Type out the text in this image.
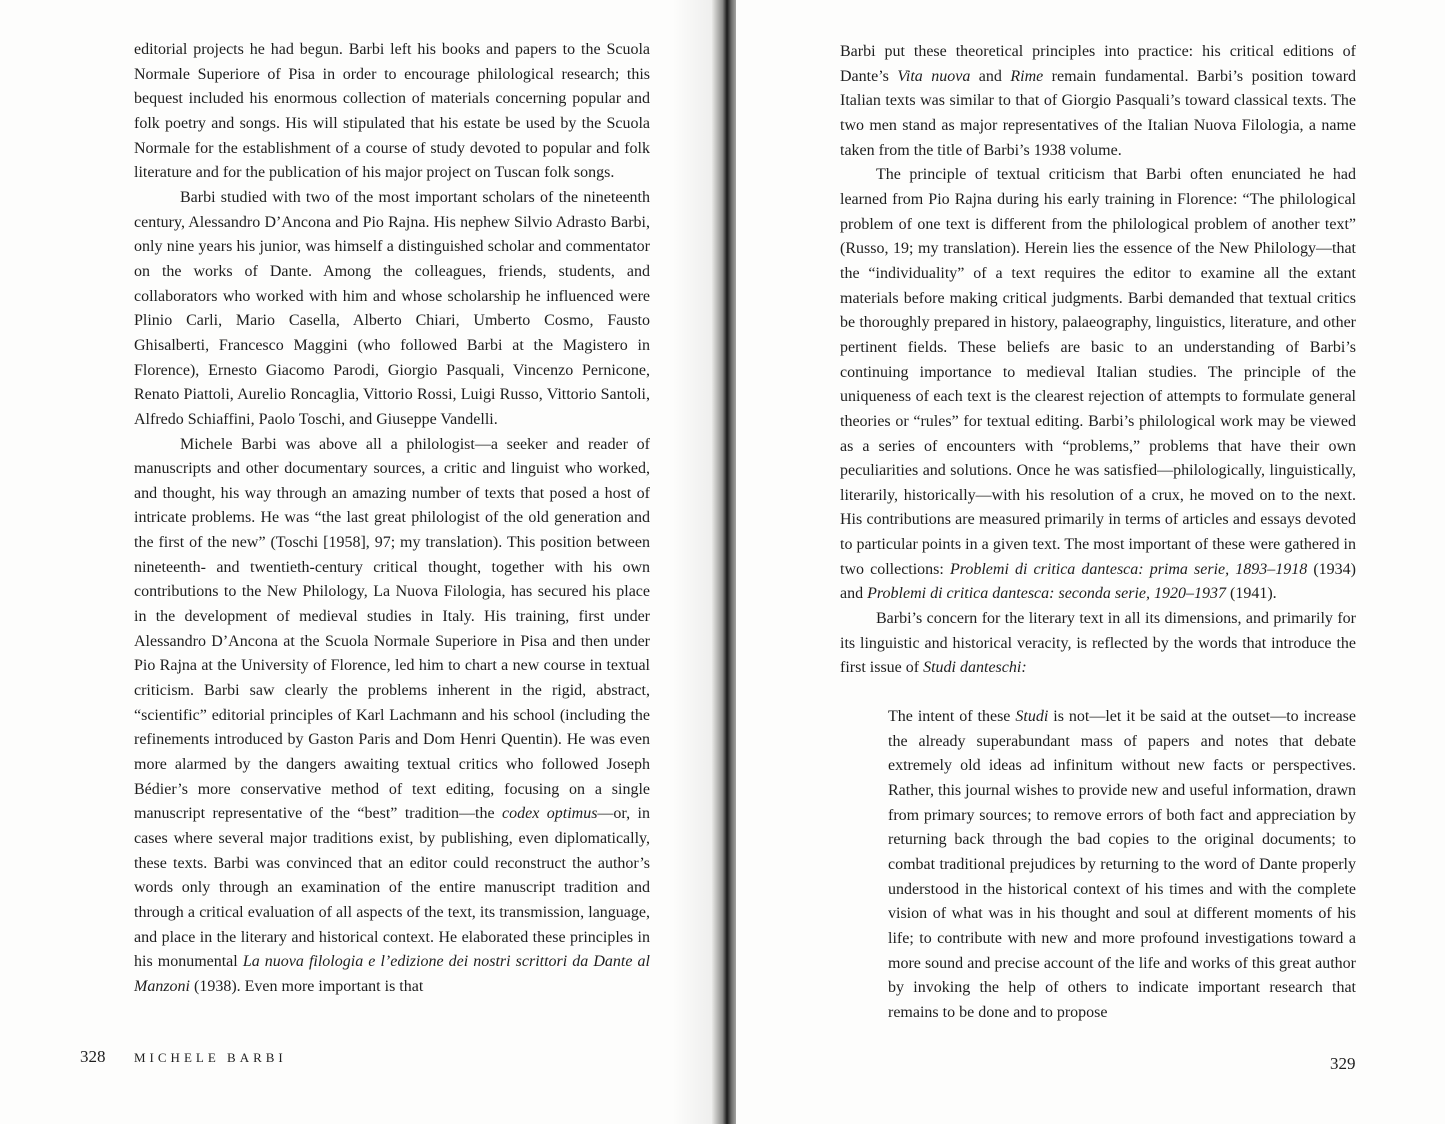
editorial projects he had begun. Barbi left his books and papers to the Scuola Normale Superiore of Pisa in order to encourage philological research; this bequest included his enormous collection of materials concerning popular and folk poetry and songs. His will stipulated that his estate be used by the Scuola Normale for the establishment of a course of study devoted to popular and folk literature and for the publication of his major project on Tuscan folk songs.

Barbi studied with two of the most important scholars of the nineteenth century, Alessandro D’Ancona and Pio Rajna. His nephew Silvio Adrasto Barbi, only nine years his junior, was himself a distinguished scholar and commentator on the works of Dante. Among the colleagues, friends, students, and collaborators who worked with him and whose scholarship he influenced were Plinio Carli, Mario Casella, Alberto Chiari, Umberto Cosmo, Fausto Ghisalberti, Francesco Maggini (who followed Barbi at the Magistero in Florence), Ernesto Giacomo Parodi, Giorgio Pasquali, Vincenzo Pernicone, Renato Piattoli, Aurelio Roncaglia, Vittorio Rossi, Luigi Russo, Vittorio Santoli, Alfredo Schiaffini, Paolo Toschi, and Giuseppe Vandelli.

Michele Barbi was above all a philologist—a seeker and reader of manuscripts and other documentary sources, a critic and linguist who worked, and thought, his way through an amazing number of texts that posed a host of intricate problems. He was “the last great philologist of the old generation and the first of the new” (Toschi [1958], 97; my translation). This position between nineteenth- and twentieth-century critical thought, together with his own contributions to the New Philology, La Nuova Filologia, has secured his place in the development of medieval studies in Italy. His training, first under Alessandro D’Ancona at the Scuola Normale Superiore in Pisa and then under Pio Rajna at the University of Florence, led him to chart a new course in textual criticism. Barbi saw clearly the problems inherent in the rigid, abstract, “scientific” editorial principles of Karl Lachmann and his school (including the refinements introduced by Gaston Paris and Dom Henri Quentin). He was even more alarmed by the dangers awaiting textual critics who followed Joseph Bédier’s more conservative method of text editing, focusing on a single manuscript representative of the “best” tradition—the codex optimus—or, in cases where several major traditions exist, by publishing, even diplomatically, these texts. Barbi was convinced that an editor could reconstruct the author’s words only through an examination of the entire manuscript tradition and through a critical evaluation of all aspects of the text, its transmission, language, and place in the literary and historical context. He elaborated these principles in his monumental La nuova filologia e l’edizione dei nostri scrittori da Dante al Manzoni (1938). Even more important is that

328 MICHELE BARBI

Barbi put these theoretical principles into practice: his critical editions of Dante’s Vita nuova and Rime remain fundamental. Barbi’s position toward Italian texts was similar to that of Giorgio Pasquali’s toward classical texts. The two men stand as major representatives of the Italian Nuova Filologia, a name taken from the title of Barbi’s 1938 volume.

The principle of textual criticism that Barbi often enunciated he had learned from Pio Rajna during his early training in Florence: “The philological problem of one text is different from the philological problem of another text” (Russo, 19; my translation). Herein lies the essence of the New Philology—that the “individuality” of a text requires the editor to examine all the extant materials before making critical judgments. Barbi demanded that textual critics be thoroughly prepared in history, palaeography, linguistics, literature, and other pertinent fields. These beliefs are basic to an understanding of Barbi’s continuing importance to medieval Italian studies. The principle of the uniqueness of each text is the clearest rejection of attempts to formulate general theories or “rules” for textual editing. Barbi’s philological work may be viewed as a series of encounters with “problems,” problems that have their own peculiarities and solutions. Once he was satisfied—philologically, linguistically, literarily, historically—with his resolution of a crux, he moved on to the next. His contributions are measured primarily in terms of articles and essays devoted to particular points in a given text. The most important of these were gathered in two collections: Problemi di critica dantesca: prima serie, 1893–1918 (1934) and Problemi di critica dantesca: seconda serie, 1920–1937 (1941).

Barbi’s concern for the literary text in all its dimensions, and primarily for its linguistic and historical veracity, is reflected by the words that introduce the first issue of Studi danteschi:

The intent of these Studi is not—let it be said at the outset—to increase the already superabundant mass of papers and notes that debate extremely old ideas ad infinitum without new facts or perspectives. Rather, this journal wishes to provide new and useful information, drawn from primary sources; to remove errors of both fact and appreciation by returning back through the bad copies to the original documents; to combat traditional prejudices by returning to the word of Dante properly understood in the historical context of his times and with the complete vision of what was in his thought and soul at different moments of his life; to contribute with new and more profound investigations toward a more sound and precise account of the life and works of this great author by invoking the help of others to indicate important research that remains to be done and to propose

329
